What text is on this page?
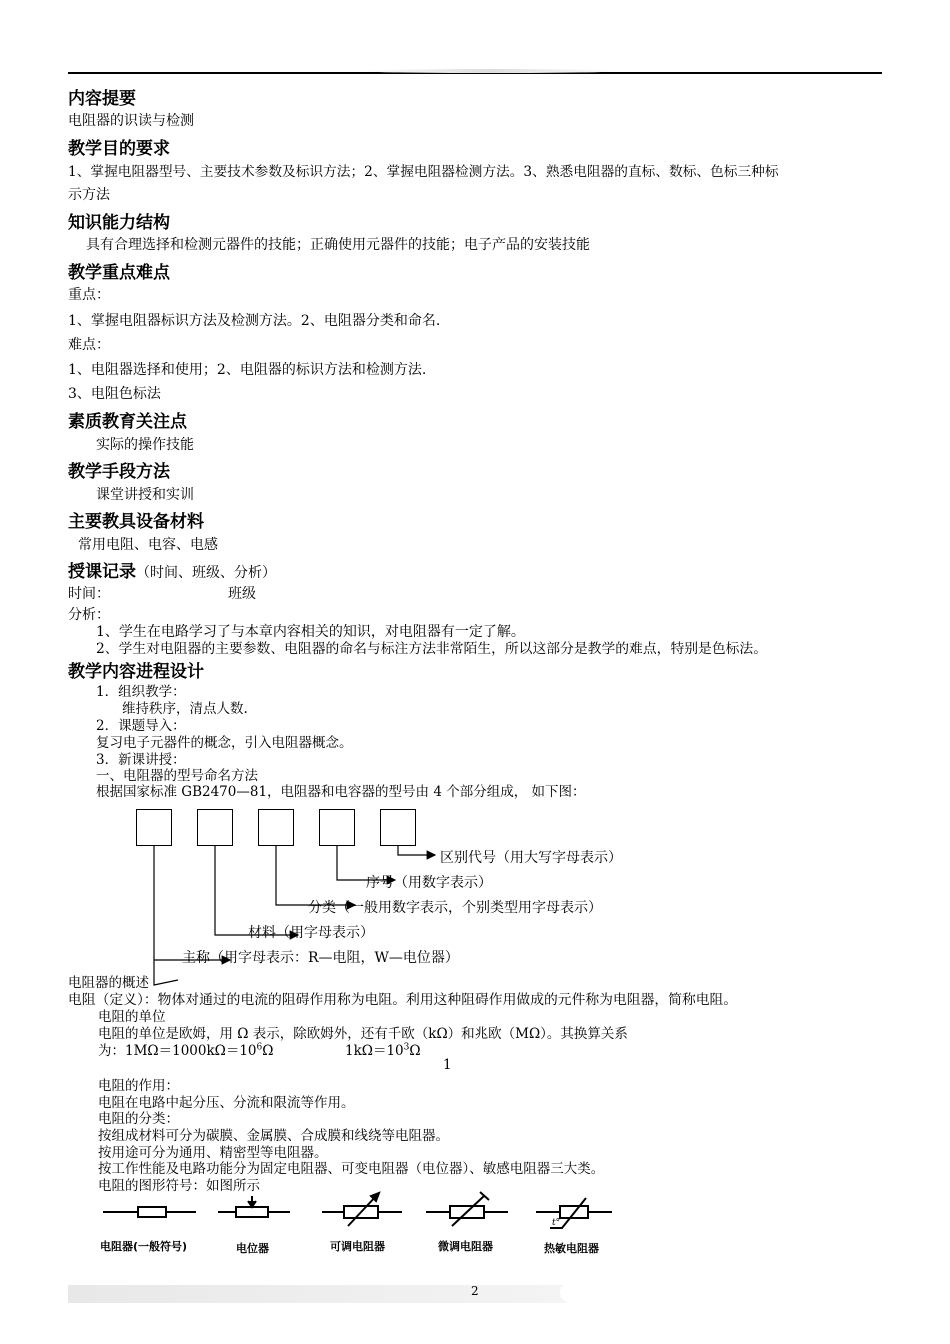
内容提要
电阻器的识读与检测
教学目的要求
1、掌握电阻器型号、主要技术参数及标识方法；2、掌握电阻器检测方法。3、熟悉电阻器的直标、数标、色标三种标
示方法
知识能力结构
具有合理选择和检测元器件的技能；正确使用元器件的技能；电子产品的安装技能
教学重点难点
重点：
1、掌握电阻器标识方法及检测方法。2、电阻器分类和命名.
难点：
1、电阻器选择和使用；2、电阻器的标识方法和检测方法.
3、电阻色标法
素质教育关注点
实际的操作技能
教学手段方法
课堂讲授和实训
主要教具设备材料
常用电阻、电容、电感
授课记录（时间、班级、分析）
时间：	班级
分析：
1、学生在电路学习了与本章内容相关的知识，对电阻器有一定了解。
2、学生对电阻器的主要参数、电阻器的命名与标注方法非常陌生，所以这部分是教学的难点，特别是色标法。
教学内容进程设计
1．组织教学：
维持秩序，清点人数.
2．课题导入：
复习电子元器件的概念，引入电阻器概念。
3．新课讲授：
一、电阻器的型号命名方法
根据国家标准 GB2470—81，电阻器和电容器的型号由 4 个部分组成， 如下图：
区别代号（用大写字母表示）
序号（用数字表示）
分类（一般用数字表示，个别类型用字母表示）
材料（用字母表示）
主称（用字母表示：R—电阻，W—电位器）
电阻器的概述
电阻（定义）：物体对通过的电流的阻碍作用称为电阻。利用这种阻碍作用做成的元件称为电阻器，简称电阻。
电阻的单位
电阻的单位是欧姆，用 Ω 表示，除欧姆外，还有千欧（kΩ）和兆欧（MΩ）。其换算关系
为：$1M\Omega=1000k\Omega=10^6\Omega$	$1k\Omega=10^3\Omega$
1
电阻的作用：
电阻在电路中起分压、分流和限流等作用。
电阻的分类：
按组成材料可分为碳膜、金属膜、合成膜和线绕等电阻器。
按用途可分为通用、精密型等电阻器。
按工作性能及电路功能分为固定电阻器、可变电阻器（电位器）、敏感电阻器三大类。
电阻的图形符号：如图所示
t°
电阻器(一般符号)	电位器	可调电阻器	微调电阻器	热敏电阻器
2
